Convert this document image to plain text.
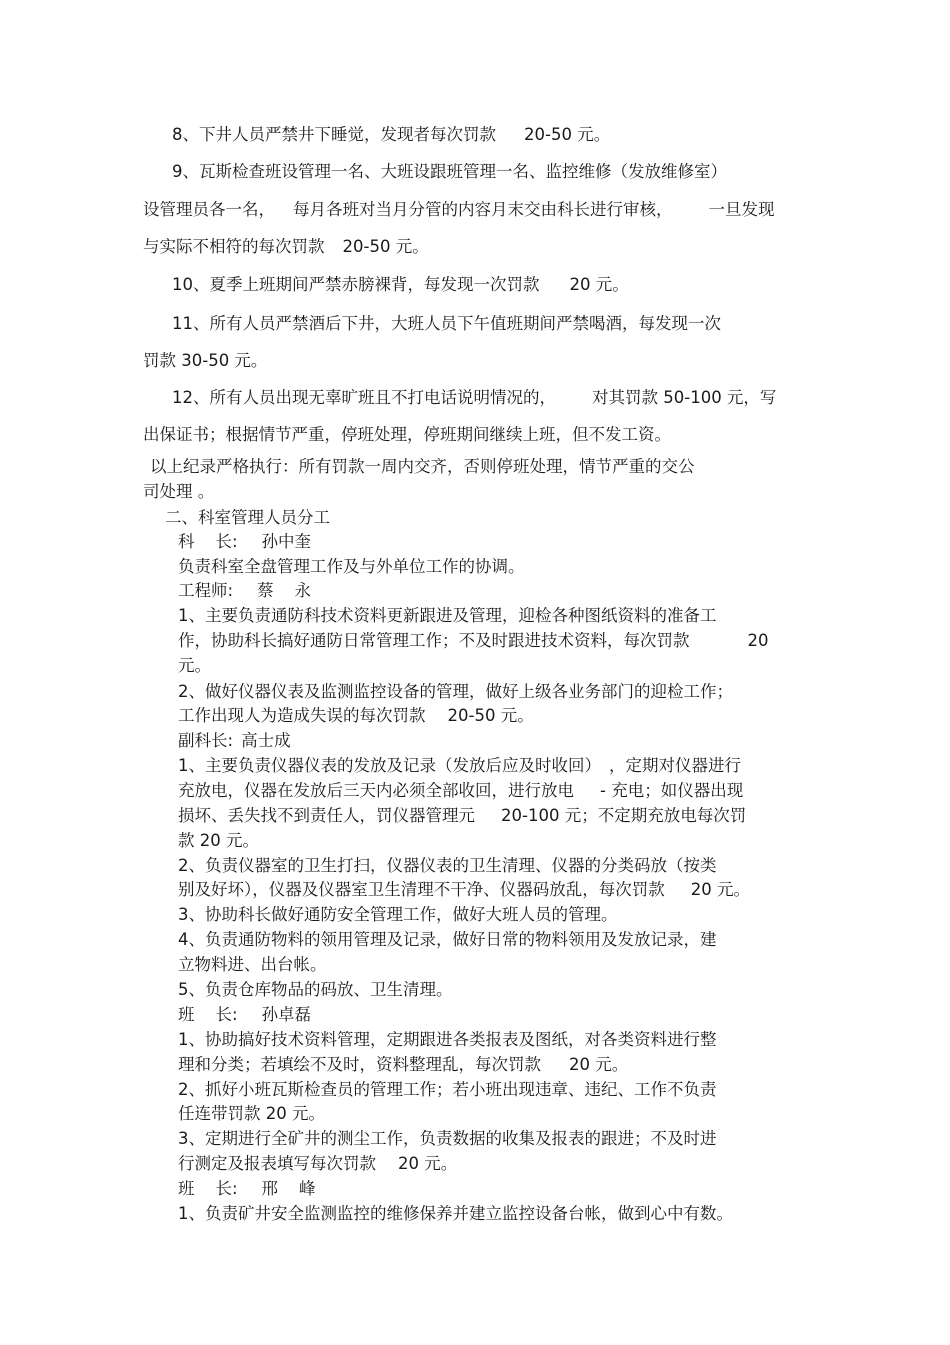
8、下井人员严禁井下睡觉，发现者每次罚款 20-50 元。
9、瓦斯检查班设管理一名、大班设跟班管理一名、监控维修（发放维修室）
设管理员各一名， 每月各班对当月分管的内容月末交由科长进行审核， 一旦发现
与实际不相符的每次罚款 20-50 元。
10、夏季上班期间严禁赤膀裸背，每发现一次罚款 20 元。
11、所有人员严禁酒后下井，大班人员下午值班期间严禁喝酒，每发现一次
罚款 30-50 元。
12、所有人员出现无辜旷班且不打电话说明情况的， 对其罚款 50-100 元，写
出保证书；根据情节严重，停班处理，停班期间继续上班，但不发工资。
以上纪录严格执行：所有罚款一周内交齐，否则停班处理，情节严重的交公
司处理 。
二、科室管理人员分工
科    长: 孙中奎
负责科室全盘管理工作及与外单位工作的协调。
工程师: 蔡    永
1、主要负责通防科技术资料更新跟进及管理，迎检各种图纸资料的准备工
作，协助科长搞好通防日常管理工作；不及时跟进技术资料，每次罚款	20
元。
2、做好仪器仪表及监测监控设备的管理，做好上级各业务部门的迎检工作；
工作出现人为造成失误的每次罚款 20-50 元。
副科长: 高士成
1、主要负责仪器仪表的发放及记录（发放后应及时收回） ，定期对仪器进行
充放电，仪器在发放后三天内必须全部收回，进行放电 - 充电；如仪器出现
损坏、丢失找不到责任人，罚仪器管理元 20-100 元；不定期充放电每次罚
款 20 元。
2、负责仪器室的卫生打扫，仪器仪表的卫生清理、仪器的分类码放（按类
别及好坏），仪器及仪器室卫生清理不干净、仪器码放乱，每次罚款 20 元。
3、协助科长做好通防安全管理工作，做好大班人员的管理。
4、负责通防物料的领用管理及记录，做好日常的物料领用及发放记录，建
立物料进、出台帐。
5、负责仓库物品的码放、卫生清理。
班    长: 孙卓磊
1、协助搞好技术资料管理，定期跟进各类报表及图纸，对各类资料进行整
理和分类；若填绘不及时，资料整理乱，每次罚款 20 元。
2、抓好小班瓦斯检查员的管理工作；若小班出现违章、违纪、工作不负责
任连带罚款 20 元。
3、定期进行全矿井的测尘工作，负责数据的收集及报表的跟进；不及时进
行测定及报表填写每次罚款 20 元。
班    长: 邢    峰
1、负责矿井安全监测监控的维修保养并建立监控设备台帐，做到心中有数。
